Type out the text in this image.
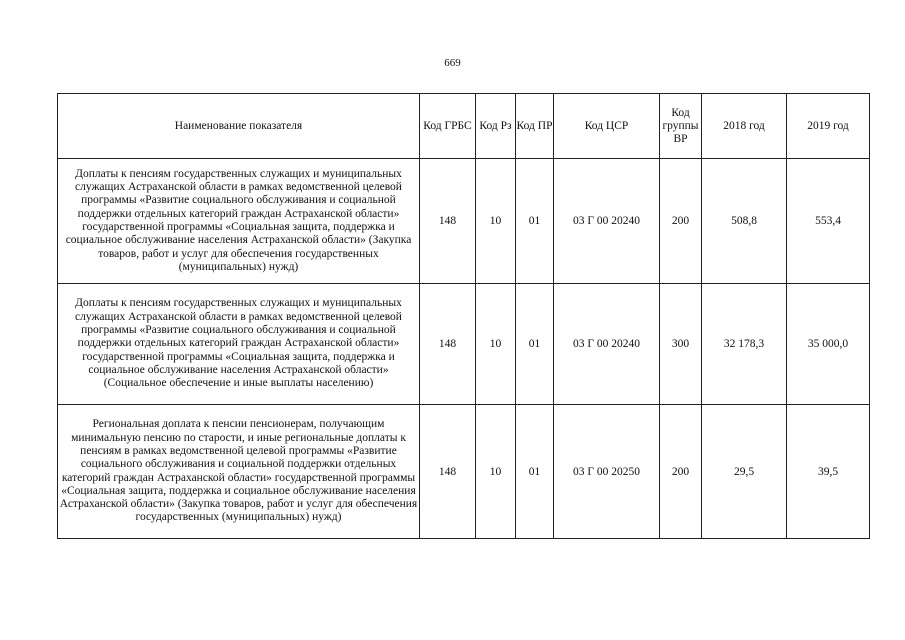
669
Наименование показателя	Код ГРБС	Код Рз	Код ПР	Код ЦСР	Код группы ВР	2018 год	2019 год
Доплаты к пенсиям государственных служащих и муниципальных служащих Астраханской области в рамках ведомственной целевой программы «Развитие социального обслуживания и социальной поддержки отдельных категорий граждан Астраханской области» государственной программы «Социальная защита, поддержка и социальное обслуживание населения Астраханской области» (Закупка товаров, работ и услуг для обеспечения государственных (муниципальных) нужд)	148	10	01	03 Г 00 20240	200	508,8	553,4
Доплаты к пенсиям государственных служащих и муниципальных служащих Астраханской области в рамках ведомственной целевой программы «Развитие социального обслуживания и социальной поддержки отдельных категорий граждан Астраханской области» государственной программы «Социальная защита, поддержка и социальное обслуживание населения Астраханской области» (Социальное обеспечение и иные выплаты населению)	148	10	01	03 Г 00 20240	300	32 178,3	35 000,0
Региональная доплата к пенсии пенсионерам, получающим минимальную пенсию по старости, и иные региональные доплаты к пенсиям в рамках ведомственной целевой программы «Развитие социального обслуживания и социальной поддержки отдельных категорий граждан Астраханской области» государственной программы «Социальная защита, поддержка и социальное обслуживание населения Астраханской области» (Закупка товаров, работ и услуг для обеспечения государственных (муниципальных) нужд)	148	10	01	03 Г 00 20250	200	29,5	39,5
